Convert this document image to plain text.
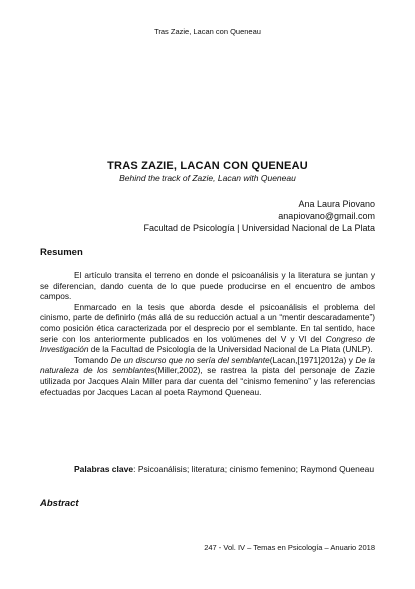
Tras Zazie, Lacan con Queneau
TRAS ZAZIE, LACAN CON QUENEAU
Behind the track of Zazie, Lacan with Queneau
Ana Laura Piovano
anapiovano@gmail.com
Facultad de Psicología | Universidad Nacional de La Plata
Resumen

El artículo transita el terreno en donde el psicoanálisis y la literatura se juntan y se diferencian, dando cuenta de lo que puede producirse en el encuentro de ambos campos.

Enmarcado en la tesis que aborda desde el psicoanálisis el problema del cinismo, parte de definirlo (más allá de su reducción actual a un “mentir descaradamente”) como posición ética caracterizada por el desprecio por el semblante. En tal sentido, hace serie con los anteriormente publicados en los volúmenes del V y VI del Congreso de Investigación de la Facultad de Psicología de la Universidad Nacional de La Plata (UNLP).

Tomando De un discurso que no sería del semblante(Lacan,[1971]2012a) y De la naturaleza de los semblantes(Miller,2002), se rastrea la pista del personaje de Zazie utilizada por Jacques Alain Miller para dar cuenta del “cinismo femenino” y las referencias efectuadas por Jacques Lacan al poeta Raymond Queneau.

Palabras clave: Psicoanálisis; literatura; cinismo femenino; Raymond Queneau
Abstract
247 - Vol. IV – Temas en Psicología – Anuario 2018
